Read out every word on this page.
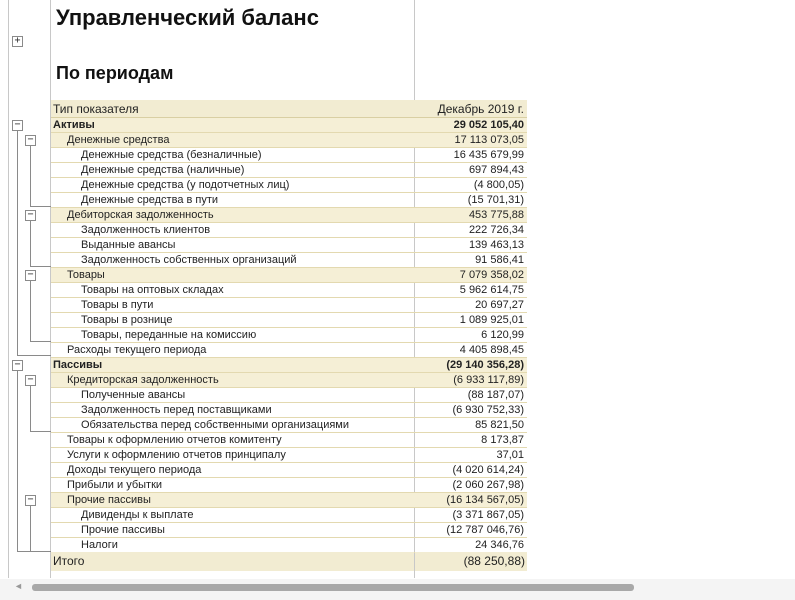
+
Управленческий баланс
По периодам
Тип показателя	Декабрь 2019 г.
−
−
−
−
−
−
−
Активы	29 052 105,40
Денежные средства	17 113 073,05
Денежные средства (безналичные)	16 435 679,99
Денежные средства (наличные)	697 894,43
Денежные средства (у подотчетных лиц)	(4 800,05)
Денежные средства в пути	(15 701,31)
Дебиторская задолженность	453 775,88
Задолженность клиентов	222 726,34
Выданные авансы	139 463,13
Задолженность собственных организаций	91 586,41
Товары	7 079 358,02
Товары на оптовых складах	5 962 614,75
Товары в пути	20 697,27
Товары в рознице	1 089 925,01
Товары, переданные на комиссию	6 120,99
Расходы текущего периода	4 405 898,45
Пассивы	(29 140 356,28)
Кредиторская задолженность	(6 933 117,89)
Полученные авансы	(88 187,07)
Задолженность перед поставщиками	(6 930 752,33)
Обязательства перед собственными организациями	85 821,50
Товары к оформлению отчетов комитенту	8 173,87
Услуги к оформлению отчетов принципалу	37,01
Доходы текущего периода	(4 020 614,24)
Прибыли и убытки	(2 060 267,98)
Прочие пассивы	(16 134 567,05)
Дивиденды к выплате	(3 371 867,05)
Прочие пассивы	(12 787 046,76)
Налоги	24 346,76
Итого	(88 250,88)
◄
